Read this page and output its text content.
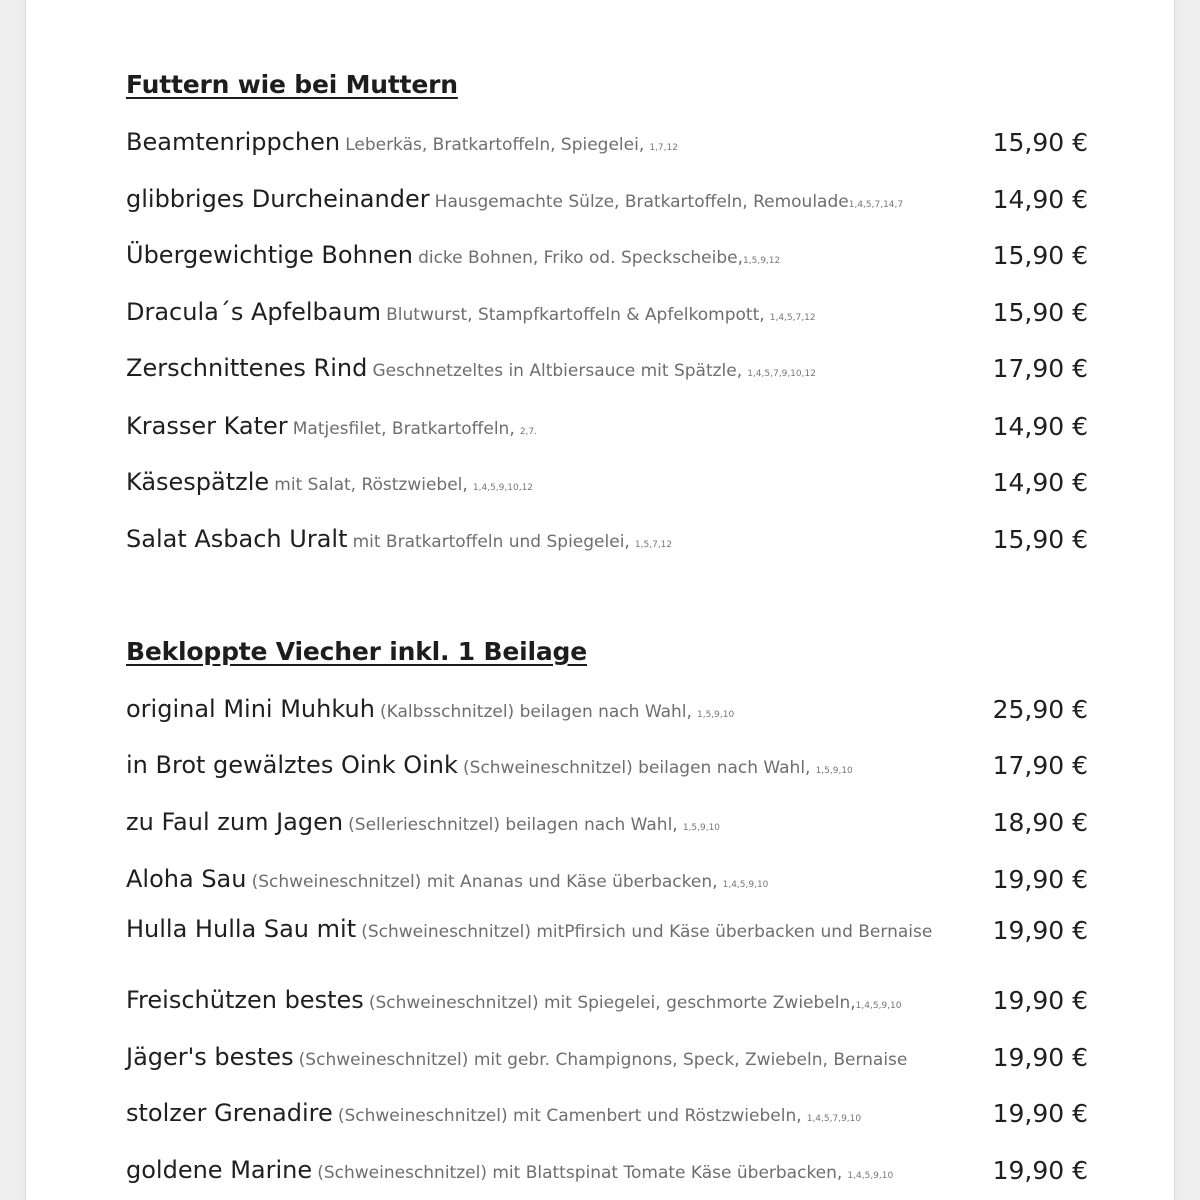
Futtern wie bei Muttern
Beamtenrippchen Leberkäs, Bratkartoffeln, Spiegelei, 1,7,12	15,90 €
glibbriges Durcheinander Hausgemachte Sülze, Bratkartoffeln, Remoulade1,4,5,7,14,7	14,90 €
Übergewichtige Bohnen dicke Bohnen, Friko od. Speckscheibe,1,5,9,12	15,90 €
Dracula´s Apfelbaum Blutwurst, Stampfkartoffeln & Apfelkompott, 1,4,5,7,12	15,90 €
Zerschnittenes Rind Geschnetzeltes in Altbiersauce mit Spätzle, 1,4,5,7,9,10,12	17,90 €
Krasser Kater Matjesfilet, Bratkartoffeln, 2,7.	14,90 €
Käsespätzle mit Salat, Röstzwiebel, 1,4,5,9,10,12	14,90 €
Salat Asbach Uralt mit Bratkartoffeln und Spiegelei, 1,5,7,12	15,90 €
Bekloppte Viecher inkl. 1 Beilage
original Mini Muhkuh (Kalbsschnitzel) beilagen nach Wahl, 1,5,9,10	25,90 €
in Brot gewälztes Oink Oink (Schweineschnitzel) beilagen nach Wahl, 1,5,9,10	17,90 €
zu Faul zum Jagen (Sellerieschnitzel) beilagen nach Wahl, 1,5,9,10	18,90 €
Aloha Sau (Schweineschnitzel) mit Ananas und Käse überbacken, 1,4,5,9,10	19,90 €
Hulla Hulla Sau mit (Schweineschnitzel) mitPfirsich und Käse überbacken und Bernaise	19,90 €
Freischützen bestes (Schweineschnitzel) mit Spiegelei, geschmorte Zwiebeln,1,4,5,9,10	19,90 €
Jäger's bestes (Schweineschnitzel) mit gebr. Champignons, Speck, Zwiebeln, Bernaise	19,90 €
stolzer Grenadire (Schweineschnitzel) mit Camenbert und Röstzwiebeln, 1,4,5,7,9,10	19,90 €
goldene Marine (Schweineschnitzel) mit Blattspinat Tomate Käse überbacken, 1,4,5,9,10	19,90 €
